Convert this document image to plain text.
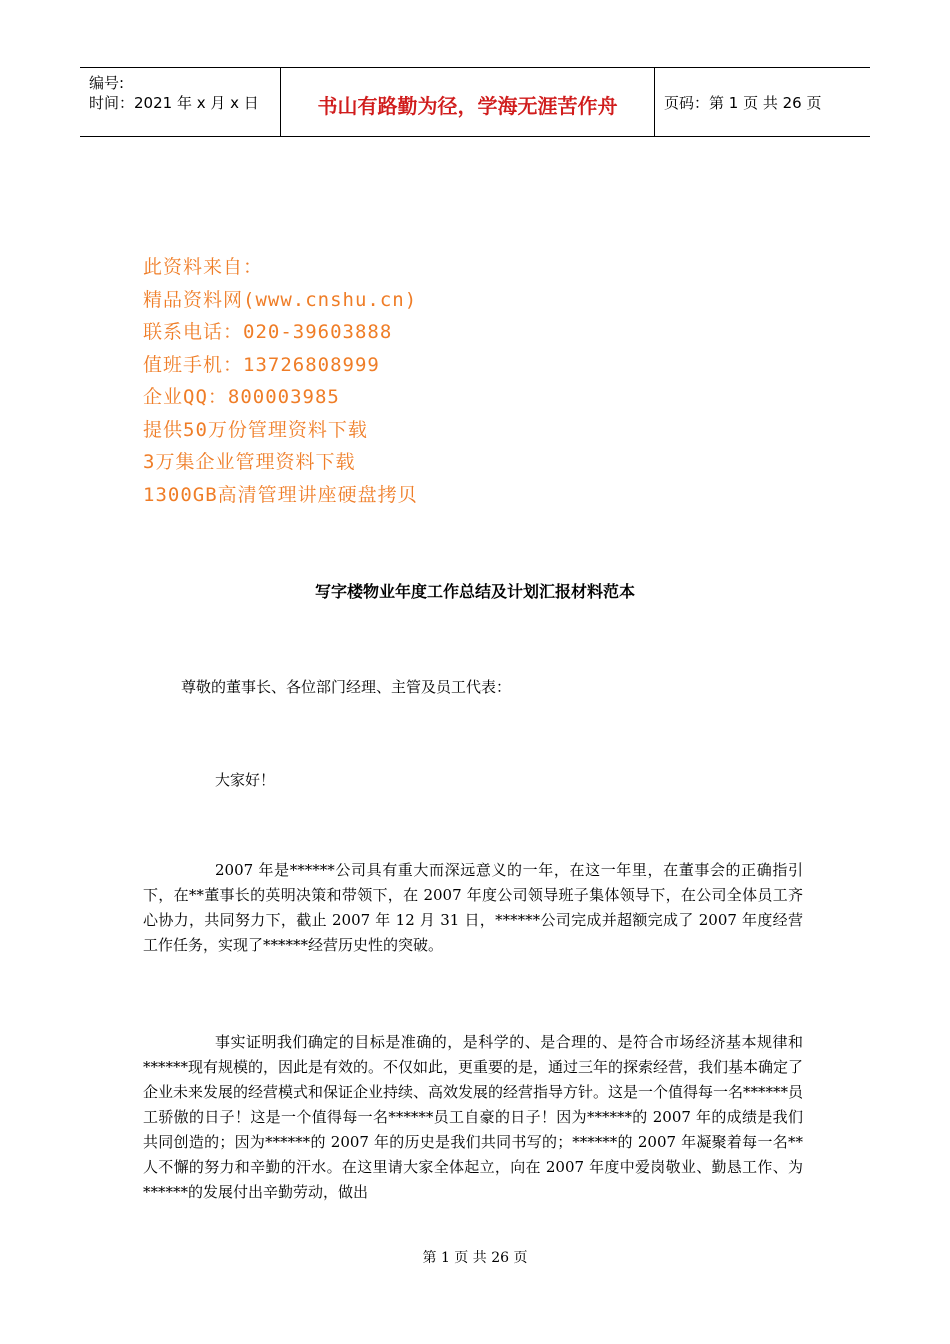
编号:
时间：2021 年 x 月 x 日	书山有路勤为径，学海无涯苦作舟	页码：第 1 页 共 26 页
此资料来自：
精品资料网(www.cnshu.cn)
联系电话：020-39603888
值班手机：13726808999
企业QQ：800003985
提供50万份管理资料下载
3万集企业管理资料下载
1300GB高清管理讲座硬盘拷贝
写字楼物业年度工作总结及计划汇报材料范本
尊敬的董事长、各位部门经理、主管及员工代表：
大家好！
2007 年是******公司具有重大而深远意义的一年，在这一年里，在董事会的正确指引下，在**董事长的英明决策和带领下，在 2007 年度公司领导班子集体领导下，在公司全体员工齐心协力，共同努力下，截止 2007 年 12 月 31 日，******公司完成并超额完成了 2007 年度经营工作任务，实现了******经营历史性的突破。
事实证明我们确定的目标是准确的，是科学的、是合理的、是符合市场经济基本规律和******现有规模的，因此是有效的。不仅如此，更重要的是，通过三年的探索经营，我们基本确定了企业未来发展的经营模式和保证企业持续、高效发展的经营指导方针。这是一个值得每一名******员工骄傲的日子！这是一个值得每一名******员工自豪的日子！因为******的 2007 年的成绩是我们共同创造的；因为******的 2007 年的历史是我们共同书写的；******的 2007 年凝聚着每一名**人不懈的努力和辛勤的汗水。在这里请大家全体起立，向在 2007 年度中爱岗敬业、勤恳工作、为******的发展付出辛勤劳动，做出
第 1 页 共 26 页
